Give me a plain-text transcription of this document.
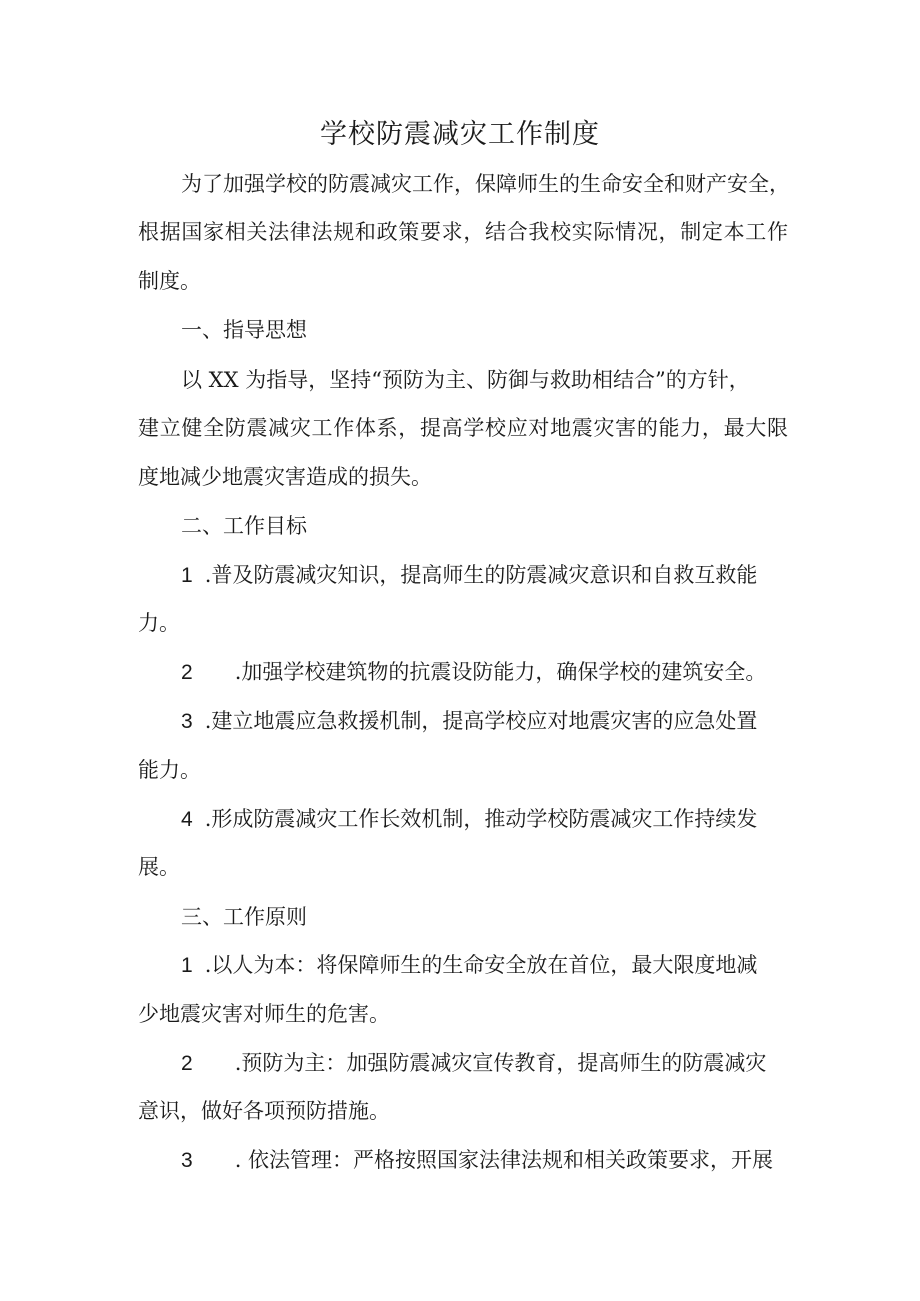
学校防震减灾工作制度
为了加强学校的防震减灾工作，保障师生的生命安全和财产安全，
根据国家相关法律法规和政策要求，结合我校实际情况，制定本工作
制度。
一、指导思想
以 XX 为指导，坚持“预防为主、防御与救助相结合”的方针，
建立健全防震减灾工作体系，提高学校应对地震灾害的能力，最大限
度地减少地震灾害造成的损失。
二、工作目标
1 .普及防震减灾知识，提高师生的防震减灾意识和自救互救能
力。
2 .加强学校建筑物的抗震设防能力，确保学校的建筑安全。
3 .建立地震应急救援机制，提高学校应对地震灾害的应急处置
能力。
4 .形成防震减灾工作长效机制，推动学校防震减灾工作持续发
展。
三、工作原则
1 .以人为本：将保障师生的生命安全放在首位，最大限度地减
少地震灾害对师生的危害。
2 .预防为主：加强防震减灾宣传教育，提高师生的防震减灾
意识，做好各项预防措施。
3 . 依法管理：严格按照国家法律法规和相关政策要求，开展
